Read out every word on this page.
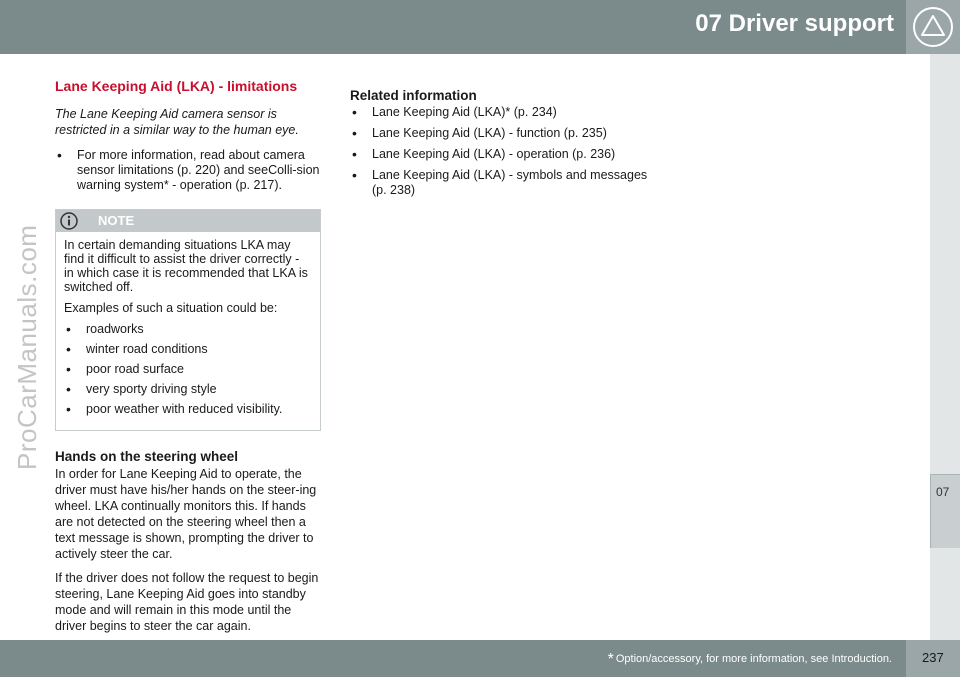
07 Driver support
07
ProCarManuals.com
Lane Keeping Aid (LKA) - limitations

The Lane Keeping Aid camera sensor is restricted in a similar way to the human eye.

• For more information, read about camera sensor limitations (p. 220) and seeColli-sion warning system* - operation (p. 217).
NOTE

In certain demanding situations LKA may find it difficult to assist the driver correctly - in which case it is recommended that LKA is switched off.

Examples of such a situation could be:

• roadworks
• winter road conditions
• poor road surface
• very sporty driving style
• poor weather with reduced visibility.
Hands on the steering wheel

In order for Lane Keeping Aid to operate, the driver must have his/her hands on the steer-ing wheel. LKA continually monitors this. If hands are not detected on the steering wheel then a text message is shown, prompting the driver to actively steer the car.

If the driver does not follow the request to begin steering, Lane Keeping Aid goes into standby mode and will remain in this mode until the driver begins to steer the car again.

Related information
• Lane Keeping Aid (LKA)* (p. 234)
• Lane Keeping Aid (LKA) - function (p. 235)
• Lane Keeping Aid (LKA) - operation (p. 236)
• Lane Keeping Aid (LKA) - symbols and messages (p. 238)
* Option/accessory, for more information, see Introduction. 237
